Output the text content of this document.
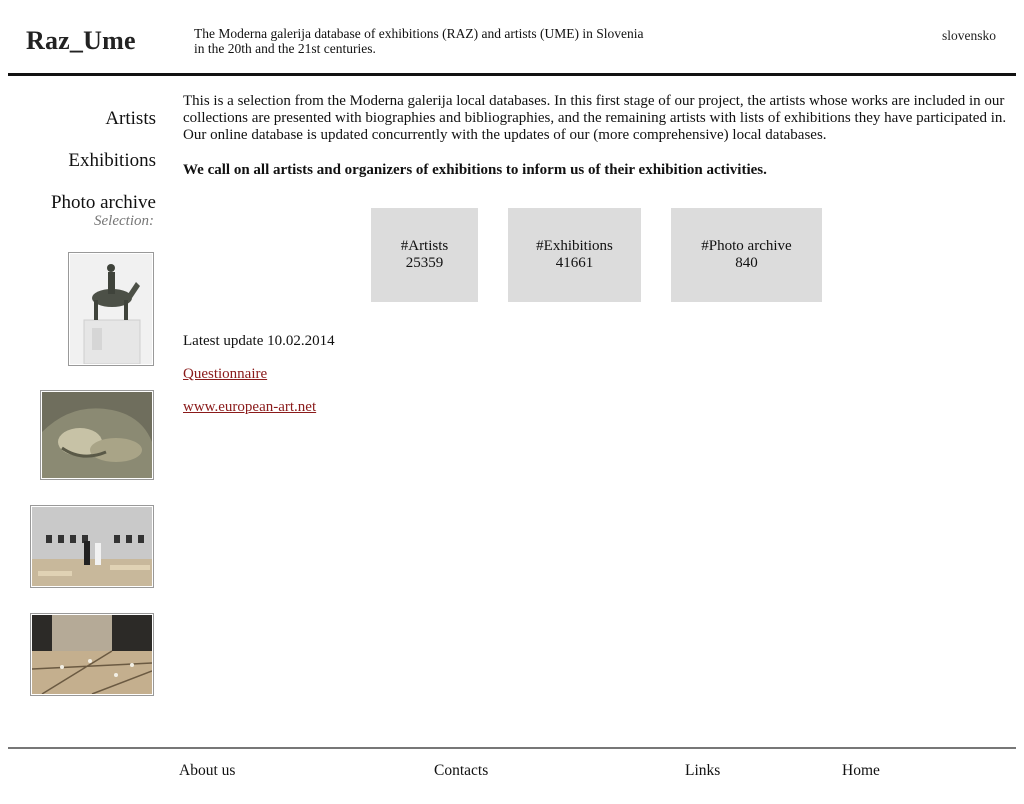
Raz_Ume	The Moderna galerija database of exhibitions (RAZ) and artists (UME) in Slovenia
in the 20th and the 21st centuries.
slovensko
Artists
Exhibitions
Photo archive
Selection:
This is a selection from the Moderna galerija local databases. In this first stage of our project, the artists whose works are included in our
collections are presented with biographies and bibliographies, and the remaining artists with lists of exhibitions they have participated in.
Our online database is updated concurrently with the updates of our (more comprehensive) local databases.
We call on all artists and organizers of exhibitions to inform us of their exhibition activities.
#Artists
25359
#Exhibitions
41661
#Photo archive
840
Latest update 10.02.2014
Questionnaire
www.european-art.net
About us	Contacts	Links	Home
